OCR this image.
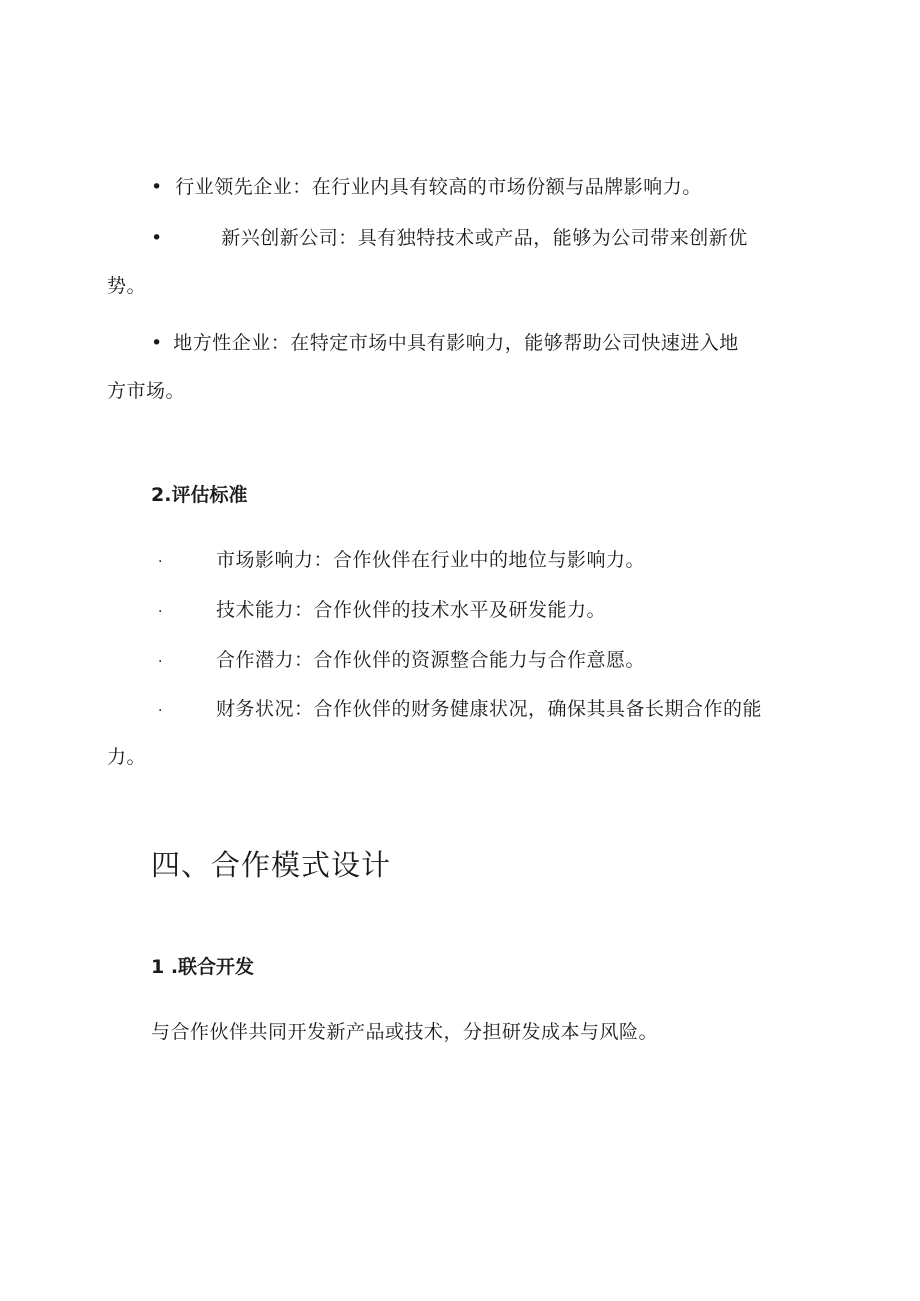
• 行业领先企业：在行业内具有较高的市场份额与品牌影响力。
•	新兴创新公司：具有独特技术或产品，能够为公司带来创新优
势。
• 地方性企业：在特定市场中具有影响力，能够帮助公司快速进入地
方市场。
2.评估标准
·	市场影响力：合作伙伴在行业中的地位与影响力。
·	技术能力：合作伙伴的技术水平及研发能力。
·	合作潜力：合作伙伴的资源整合能力与合作意愿。
·	财务状况：合作伙伴的财务健康状况，确保其具备长期合作的能
力。
四、合作模式设计
1 .联合开发
与合作伙伴共同开发新产品或技术，分担研发成本与风险。
